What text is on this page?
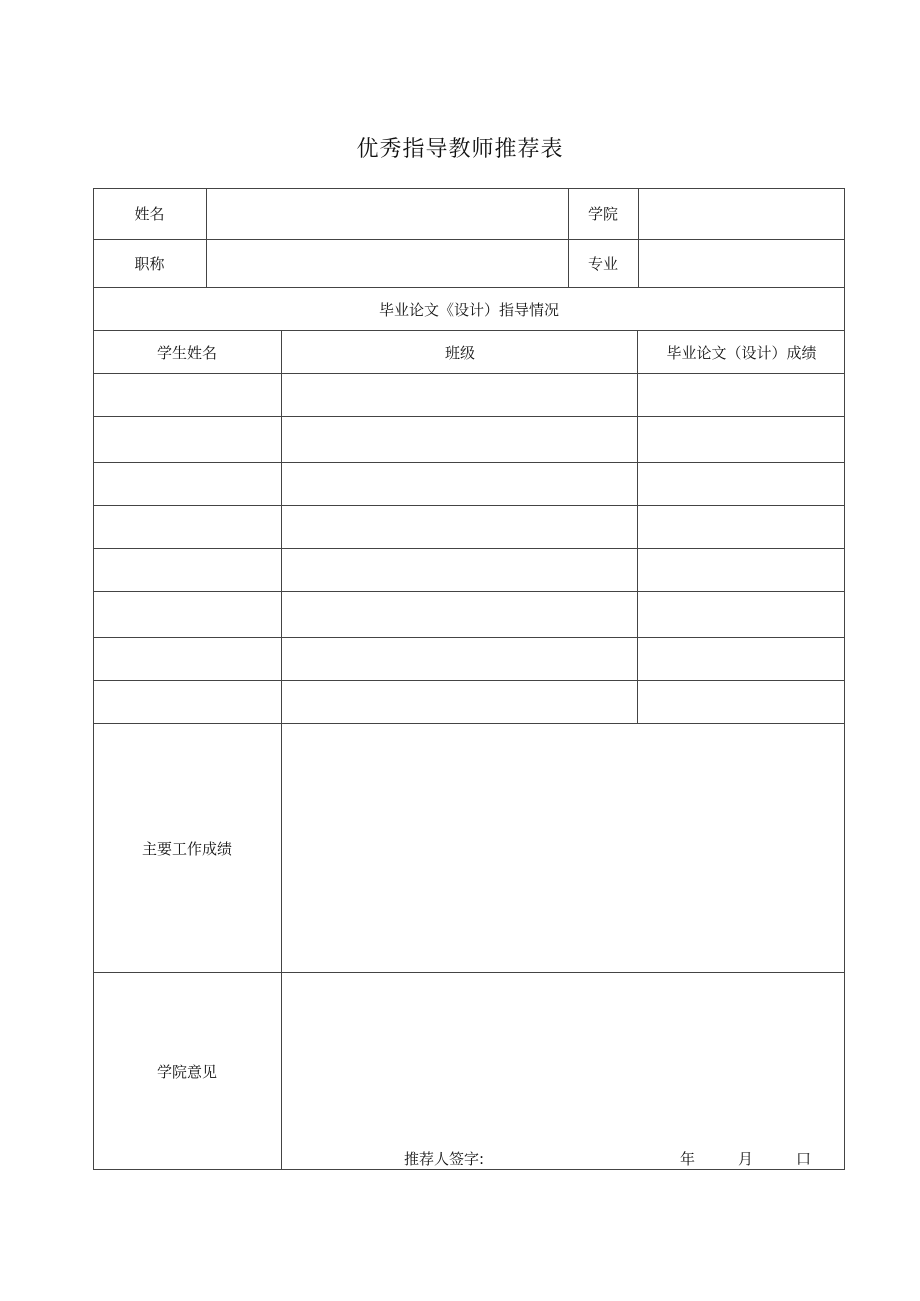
优秀指导教师推荐表
姓名	学院
职称	专业
毕业论文《设计）指导情况
学生姓名	班级	毕业论文（设计）成绩
主要工作成绩
学院意见
推荐人签字:	年	月	口
